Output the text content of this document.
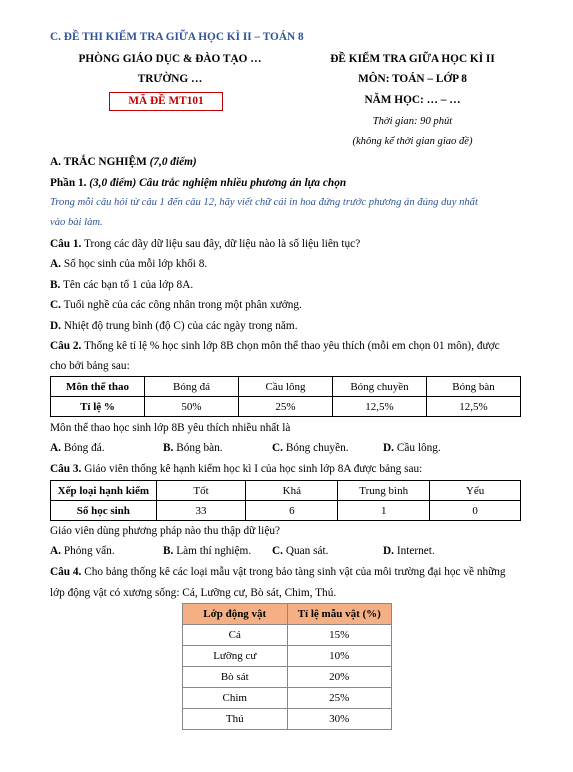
C. ĐỀ THI KIỂM TRA GIỮA HỌC KÌ II – TOÁN 8
PHÒNG GIÁO DỤC & ĐÀO TẠO …
TRƯỜNG …
MÃ ĐỀ MT101
ĐỀ KIỂM TRA GIỮA HỌC KÌ II
MÔN: TOÁN – LỚP 8
NĂM HỌC: … – …
Thời gian: 90 phút
(không kể thời gian giao đề)
A. TRẮC NGHIỆM (7,0 điểm)
Phần 1. (3,0 điểm) Câu trắc nghiệm nhiều phương án lựa chọn
Trong mỗi câu hỏi từ câu 1 đến câu 12, hãy viết chữ cái in hoa đứng trước phương án đúng duy nhất
vào bài làm.
Câu 1. Trong các dãy dữ liệu sau đây, dữ liệu nào là số liệu liên tục?
A. Số học sinh của mỗi lớp khối 8.
B. Tên các bạn tổ 1 của lớp 8A.
C. Tuổi nghề của các công nhân trong một phân xưởng.
D. Nhiệt độ trung bình (độ C) của các ngày trong năm.
Câu 2. Thống kê tỉ lệ % học sinh lớp 8B chọn môn thể thao yêu thích (mỗi em chọn 01 môn), được
cho bởi bảng sau:
Môn thể thao	Bóng đá	Cầu lông	Bóng chuyền	Bóng bàn
Tỉ lệ %	50%	25%	12,5%	12,5%
Môn thể thao học sinh lớp 8B yêu thích nhiều nhất là
A. Bóng đá.	B. Bóng bàn.	C. Bóng chuyền.	D. Cầu lông.
Câu 3. Giáo viên thống kê hạnh kiểm học kì I của học sinh lớp 8A được bảng sau:
Xếp loại hạnh kiểm	Tốt	Khá	Trung bình	Yếu
Số học sinh	33	6	1	0
Giáo viên dùng phương pháp nào thu thập dữ liệu?
A. Phỏng vấn.	B. Làm thí nghiệm. C. Quan sát.	D. Internet.
Câu 4. Cho bảng thống kê các loại mẫu vật trong bảo tàng sinh vật của môi trường đại học về những
lớp động vật có xương sống: Cá, Lưỡng cư, Bò sát, Chim, Thú.
Lớp động vật	Tỉ lệ mẫu vật (%)
Cá	15%
Lưỡng cư	10%
Bò sát	20%
Chim	25%
Thú	30%
